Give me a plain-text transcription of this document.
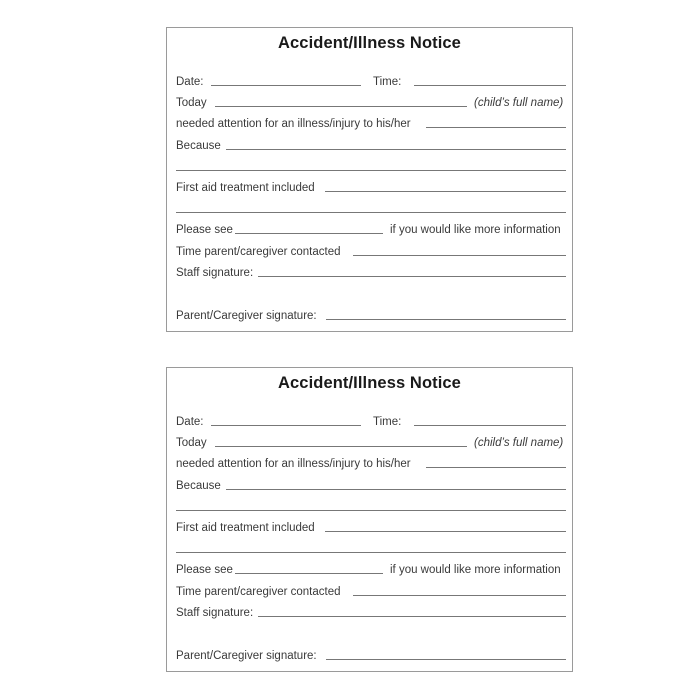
Accident/Illness Notice
Date:	Time:
Today	(child’s full name)
needed attention for an illness/injury to his/her
Because
First aid treatment included
Please see	if you would like more information
Time parent/caregiver contacted
Staff signature:
Parent/Caregiver signature:
Accident/Illness Notice
Date:	Time:
Today	(child’s full name)
needed attention for an illness/injury to his/her
Because
First aid treatment included
Please see	if you would like more information
Time parent/caregiver contacted
Staff signature:
Parent/Caregiver signature:
